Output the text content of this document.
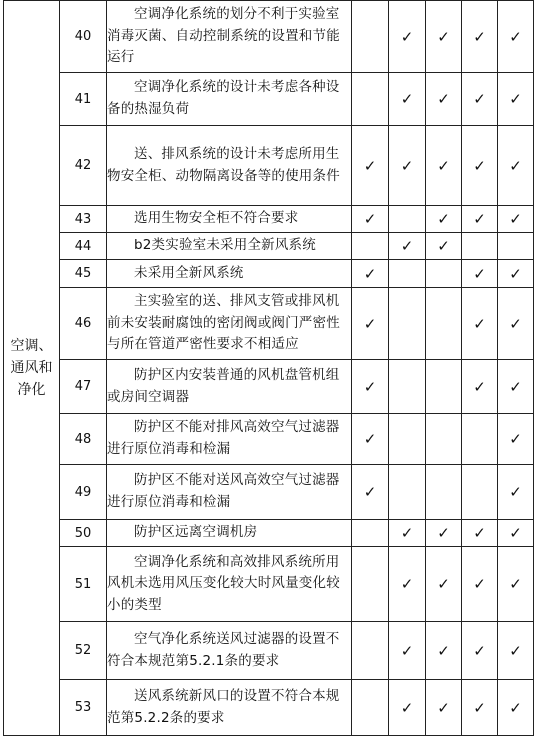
空调、通风和净化	40	空调净化系统的划分不利于实验室消毒灭菌、自动控制系统的设置和节能运行		✓	✓	✓	✓
	41	空调净化系统的设计未考虑各种设备的热湿负荷		✓	✓	✓	✓
	42	送、排风系统的设计未考虑所用生物安全柜、动物隔离设备等的使用条件	✓	✓	✓	✓	✓
	43	选用生物安全柜不符合要求	✓		✓	✓	✓
	44	b2类实验室未采用全新风系统		✓	✓		
	45	未采用全新风系统	✓			✓	✓
	46	主实验室的送、排风支管或排风机前未安装耐腐蚀的密闭阀或阀门严密性与所在管道严密性要求不相适应	✓			✓	✓
	47	防护区内安装普通的风机盘管机组或房间空调器	✓			✓	✓
	48	防护区不能对排风高效空气过滤器进行原位消毒和检漏	✓				✓
	49	防护区不能对送风高效空气过滤器进行原位消毒和检漏	✓				✓
	50	防护区远离空调机房		✓	✓	✓	✓
	51	空调净化系统和高效排风系统所用风机未选用风压变化较大时风量变化较小的类型		✓	✓	✓	✓
	52	空气净化系统送风过滤器的设置不符合本规范第5.2.1条的要求		✓	✓	✓	✓
	53	送风系统新风口的设置不符合本规范第5.2.2条的要求		✓	✓	✓	✓
